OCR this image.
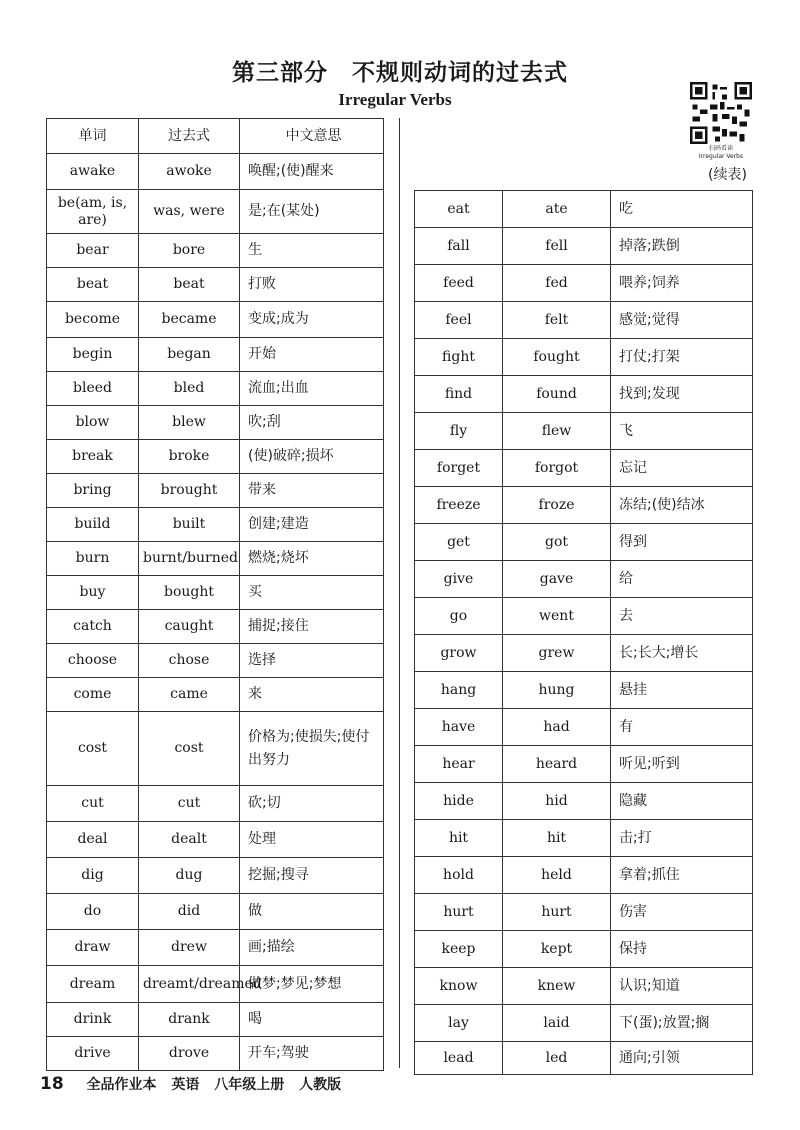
第三部分　不规则动词的过去式
Irregular Verbs
扫码看读
Irregular Verbs
(续表)
单词	过去式	中文意思
awake	awoke	唤醒;(使)醒来
be(am, is, are)	was, were	是;在(某处)
bear	bore	生
beat	beat	打败
become	became	变成;成为
begin	began	开始
bleed	bled	流血;出血
blow	blew	吹;刮
break	broke	(使)破碎;损坏
bring	brought	带来
build	built	创建;建造
burn	burnt/burned	燃烧;烧坏
buy	bought	买
catch	caught	捕捉;接住
choose	chose	选择
come	came	来
cost	cost	价格为;使损失;使付出努力
cut	cut	砍;切
deal	dealt	处理
dig	dug	挖掘;搜寻
do	did	做
draw	drew	画;描绘
dream	dreamt/dreamed	做梦;梦见;梦想
drink	drank	喝
drive	drove	开车;驾驶
eat	ate	吃
fall	fell	掉落;跌倒
feed	fed	喂养;饲养
feel	felt	感觉;觉得
fight	fought	打仗;打架
find	found	找到;发现
fly	flew	飞
forget	forgot	忘记
freeze	froze	冻结;(使)结冰
get	got	得到
give	gave	给
go	went	去
grow	grew	长;长大;增长
hang	hung	悬挂
have	had	有
hear	heard	听见;听到
hide	hid	隐藏
hit	hit	击;打
hold	held	拿着;抓住
hurt	hurt	伤害
keep	kept	保持
know	knew	认识;知道
lay	laid	下(蛋);放置;搁
lead	led	通向;引领
18 全品作业本 英语 八年级上册 人教版
